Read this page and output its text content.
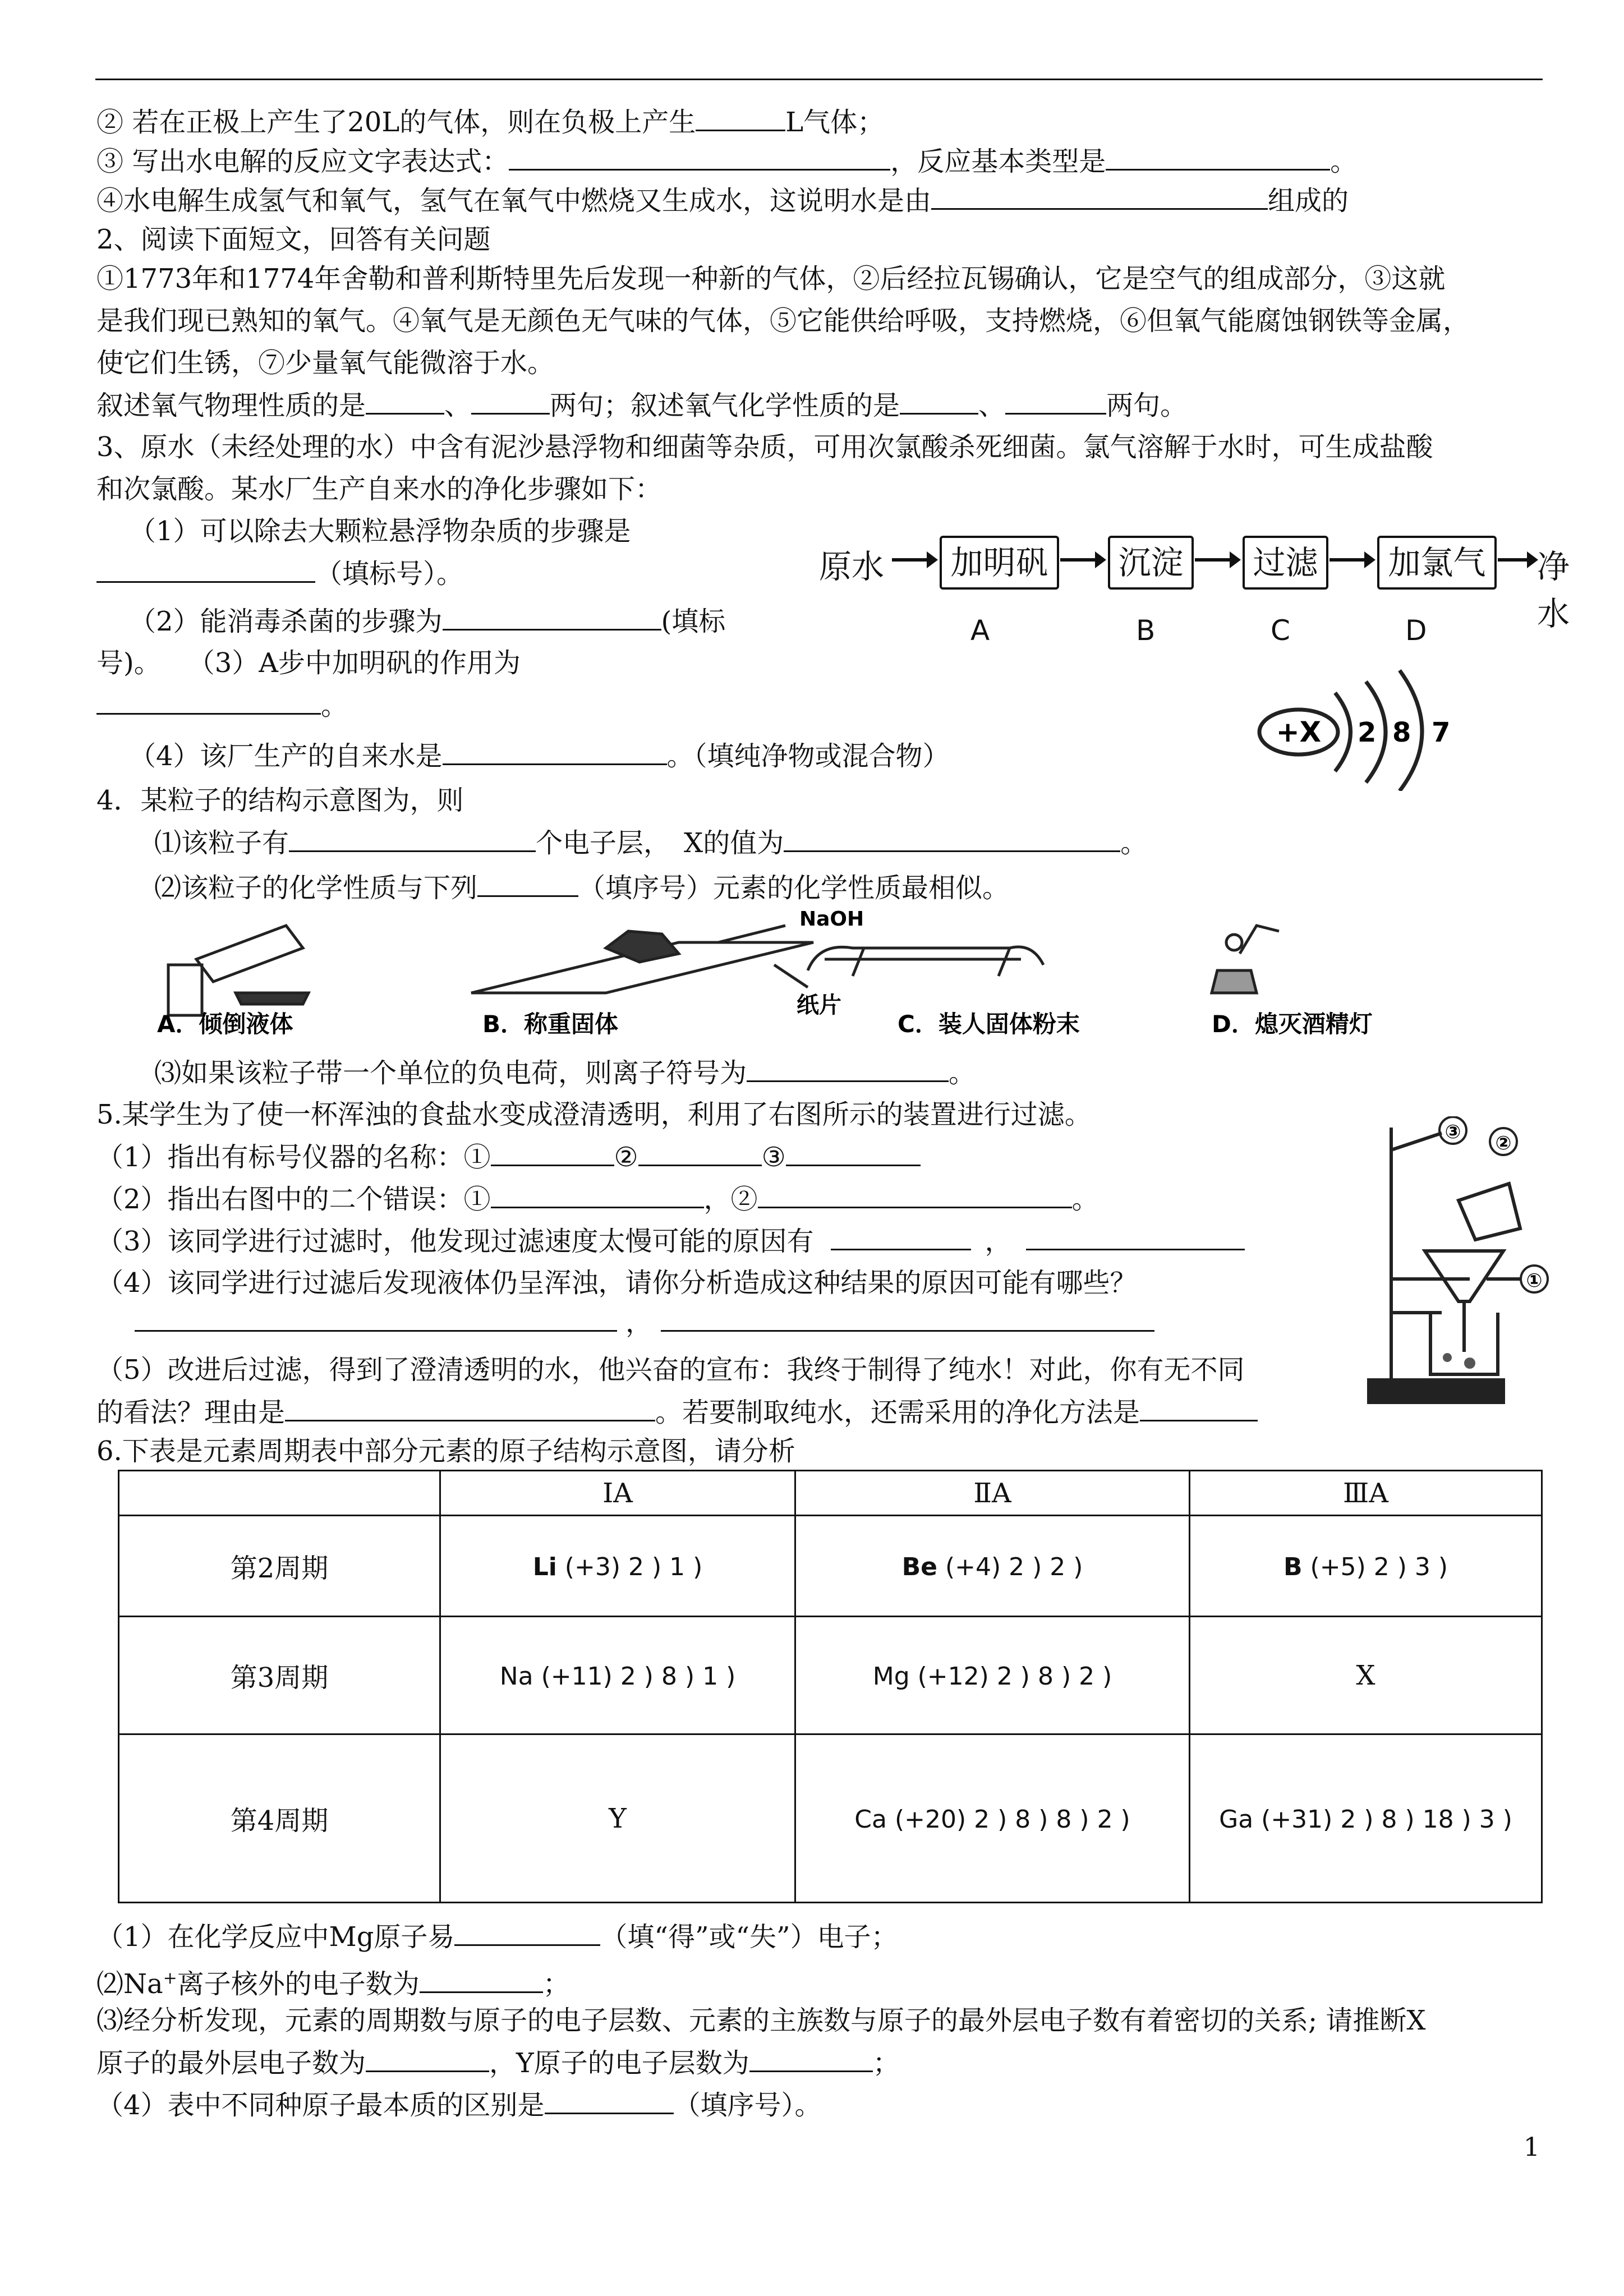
② 若在正极上产生了20L的气体，则在负极上产生	L气体；
③ 写出水电解的反应文字表达式：	，反应基本类型是	。
④水电解生成氢气和氧气，氢气在氧气中燃烧又生成水，这说明水是由	组成的
2、阅读下面短文，回答有关问题
①1773年和1774年舍勒和普利斯特里先后发现一种新的气体，②后经拉瓦锡确认，它是空气的组成部分，③这就
是我们现已熟知的氧气。④氧气是无颜色无气味的气体，⑤它能供给呼吸，支持燃烧，⑥但氧气能腐蚀钢铁等金属，
使它们生锈，⑦少量氧气能微溶于水。
叙述氧气物理性质的是	、	两句；叙述氧气化学性质的是	、	两句。
3、原水（未经处理的水）中含有泥沙悬浮物和细菌等杂质，可用次氯酸杀死细菌。氯气溶解于水时，可生成盐酸
和次氯酸。某水厂生产自来水的净化步骤如下：
（1）可以除去大颗粒悬浮物杂质的步骤是
（填标号）。
（2）能消毒杀菌的步骤为	(填标
号)。　　（3）A步中加明矾的作用为
。
（4）该厂生产的自来水是	。（填纯净物或混合物）
原水	加明矾	沉淀	过滤	加氯气	净水
A	B	C	D
+X 2 8 7
4．某粒子的结构示意图为，则
⑴该粒子有	个电子层，　X的值为	。
⑵该粒子的化学性质与下列	（填序号）元素的化学性质最相似。
NaOH
纸片
A．倾倒液体	B．称重固体	C．装人固体粉末	D．熄灭酒精灯
⑶如果该粒子带一个单位的负电荷，则离子符号为	。
5.某学生为了使一杯浑浊的食盐水变成澄清透明，利用了右图所示的装置进行过滤。
（1）指出有标号仪器的名称：①	②	③
（2）指出右图中的二个错误：①	，②	。
（3）该同学进行过滤时，他发现过滤速度太慢可能的原因有	，
（4）该同学进行过滤后发现液体仍呈浑浊，请你分析造成这种结果的原因可能有哪些？
，
（5）改进后过滤，得到了澄清透明的水，他兴奋的宣布：我终于制得了纯水！对此，你有无不同
的看法？理由是	。若要制取纯水，还需采用的净化方法是
③ ②
①
6.下表是元素周期表中部分元素的原子结构示意图，请分析
	ⅠA	ⅡA	ⅢA
第2周期	Li (+3) 2 ) 1 )	Be (+4) 2 ) 2 )	B (+5) 2 ) 3 )
第3周期	Na (+11) 2 ) 8 ) 1 )	Mg (+12) 2 ) 8 ) 2 )	X
第4周期	Y	Ca (+20) 2 ) 8 ) 8 ) 2 )	Ga (+31) 2 ) 8 ) 18 ) 3 )
（1）在化学反应中Mg原子易	（填“得”或“失”）电子；
⑵Na+离子核外的电子数为	；
⑶经分析发现，元素的周期数与原子的电子层数、元素的主族数与原子的最外层电子数有着密切的关系; 请推断X
原子的最外层电子数为	，Y原子的电子层数为	；
（4）表中不同种原子最本质的区别是	（填序号）。
1
